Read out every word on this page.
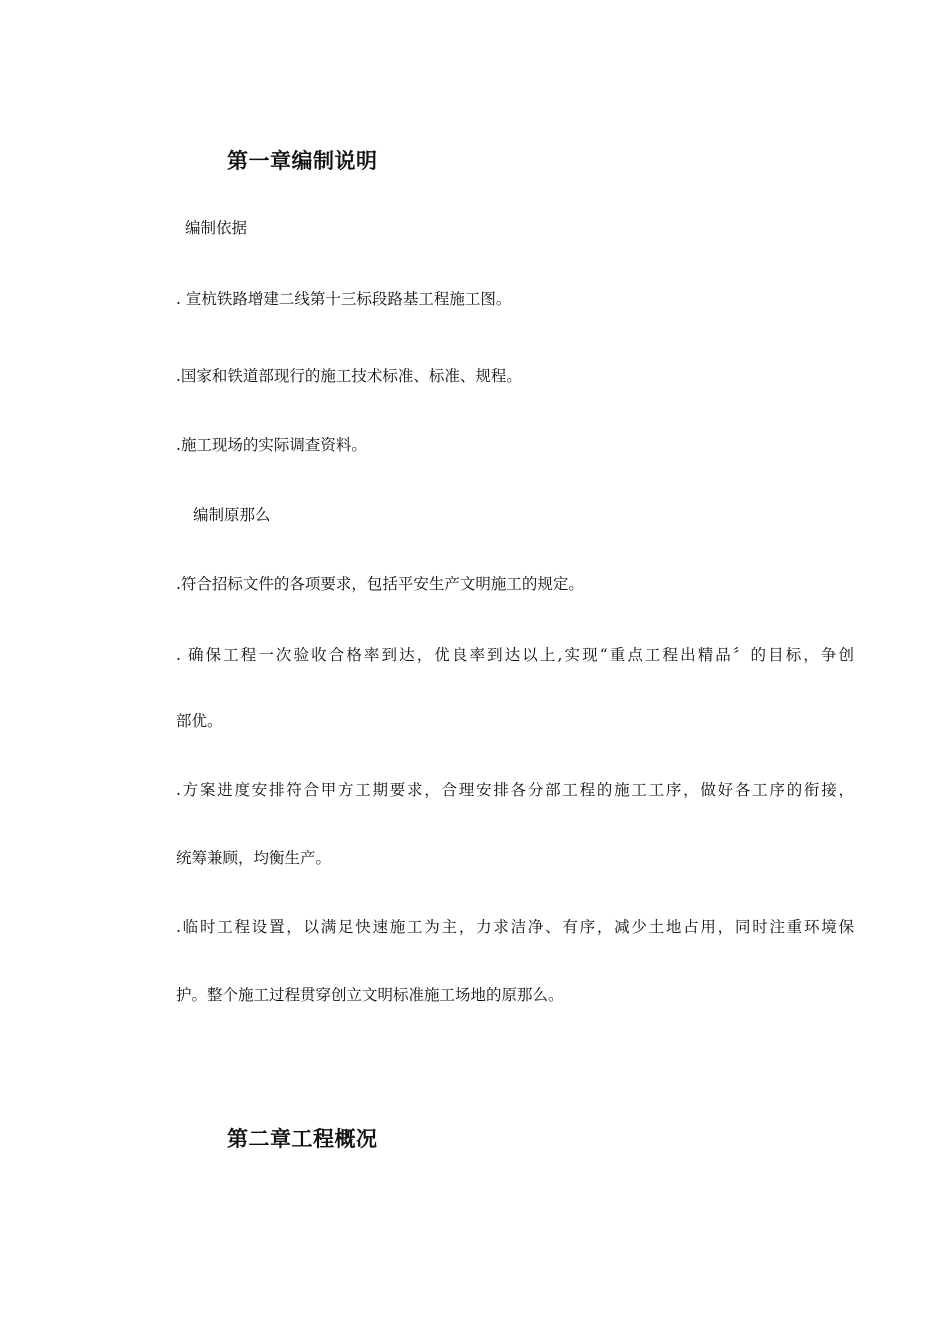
第一章编制说明
编制依据
. 宣杭铁路增建二线第十三标段路基工程施工图。
.国家和铁道部现行的施工技术标准、标准、规程。
.施工现场的实际调查资料。
编制原那么
.符合招标文件的各项要求，包括平安生产文明施工的规定。
. 确保工程一次验收合格率到达，优良率到达以上,实现“重点工程出精品〞的目标，争创
部优。
.方案进度安排符合甲方工期要求，合理安排各分部工程的施工工序，做好各工序的衔接，
统筹兼顾，均衡生产。
.临时工程设置，以满足快速施工为主，力求洁净、有序，减少土地占用，同时注重环境保
护。整个施工过程贯穿创立文明标准施工场地的原那么。
第二章工程概况
